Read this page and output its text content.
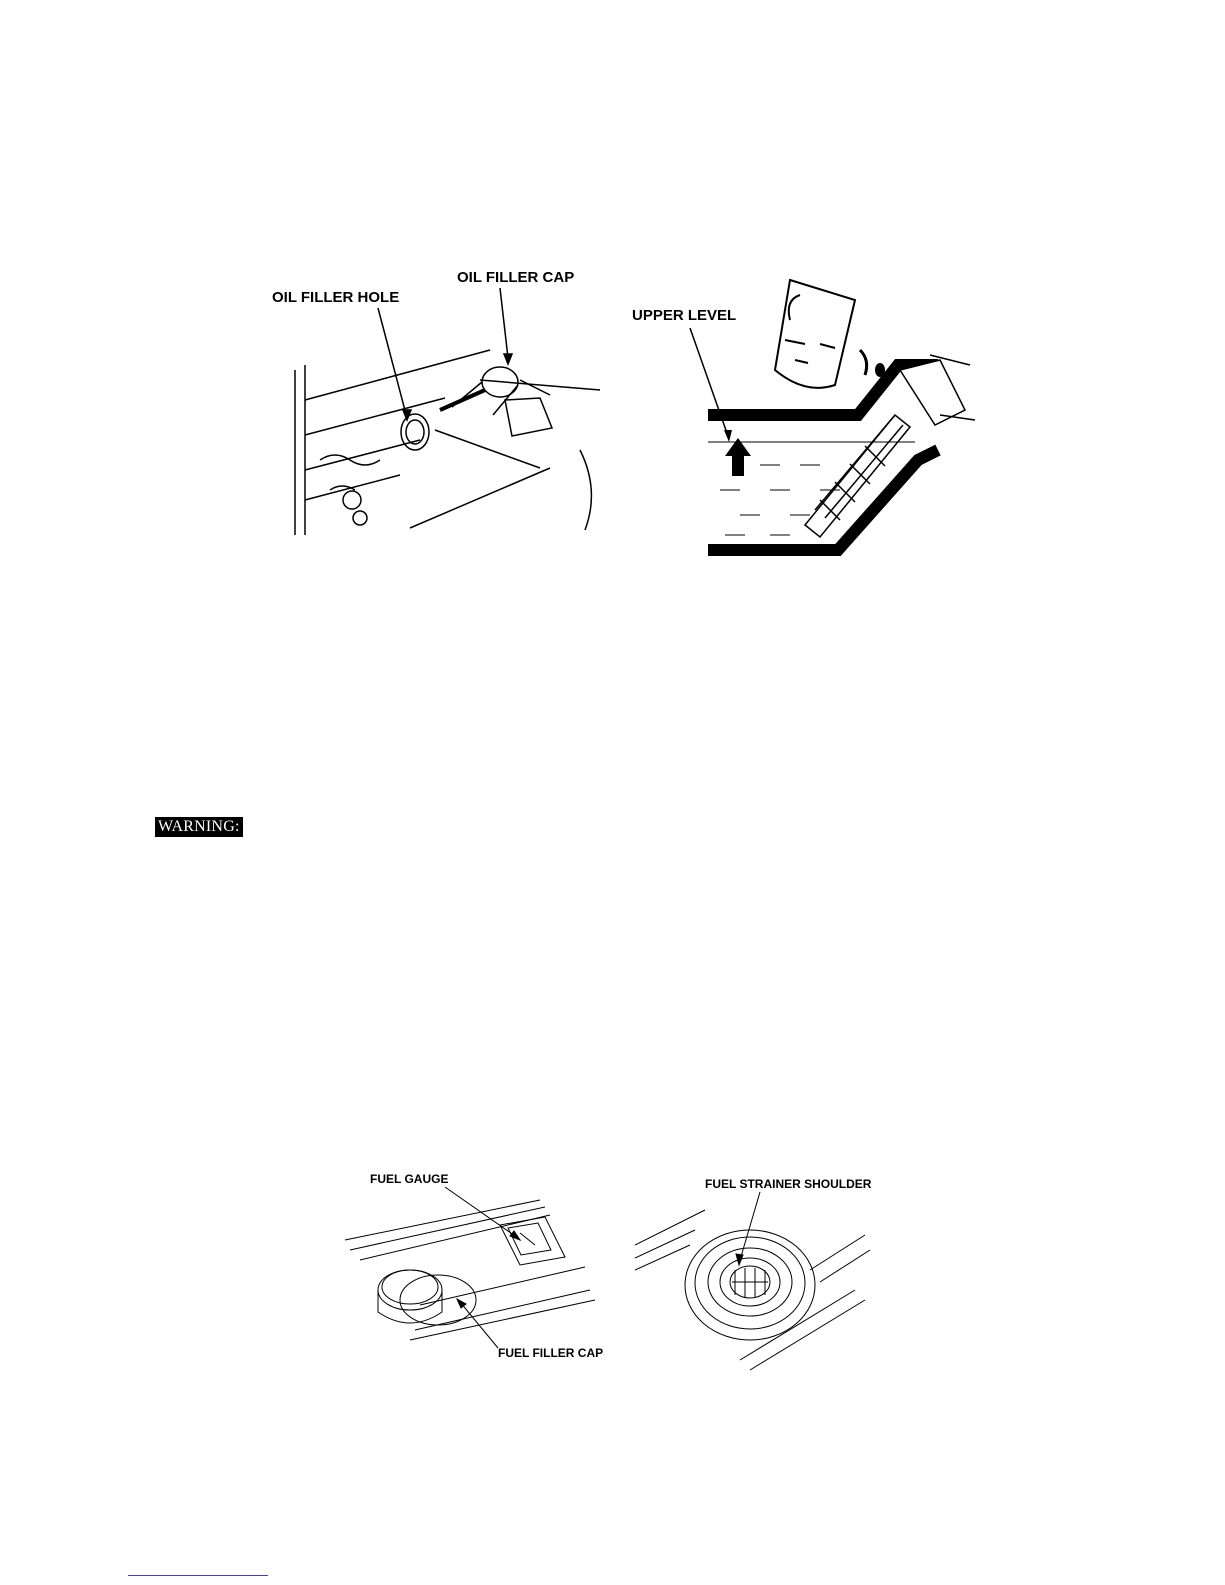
OIL FILLER HOLE
OIL FILLER CAP
UPPER LEVEL
WARNING:
FUEL GAUGE
FUEL FILLER CAP
FUEL STRAINER SHOULDER
